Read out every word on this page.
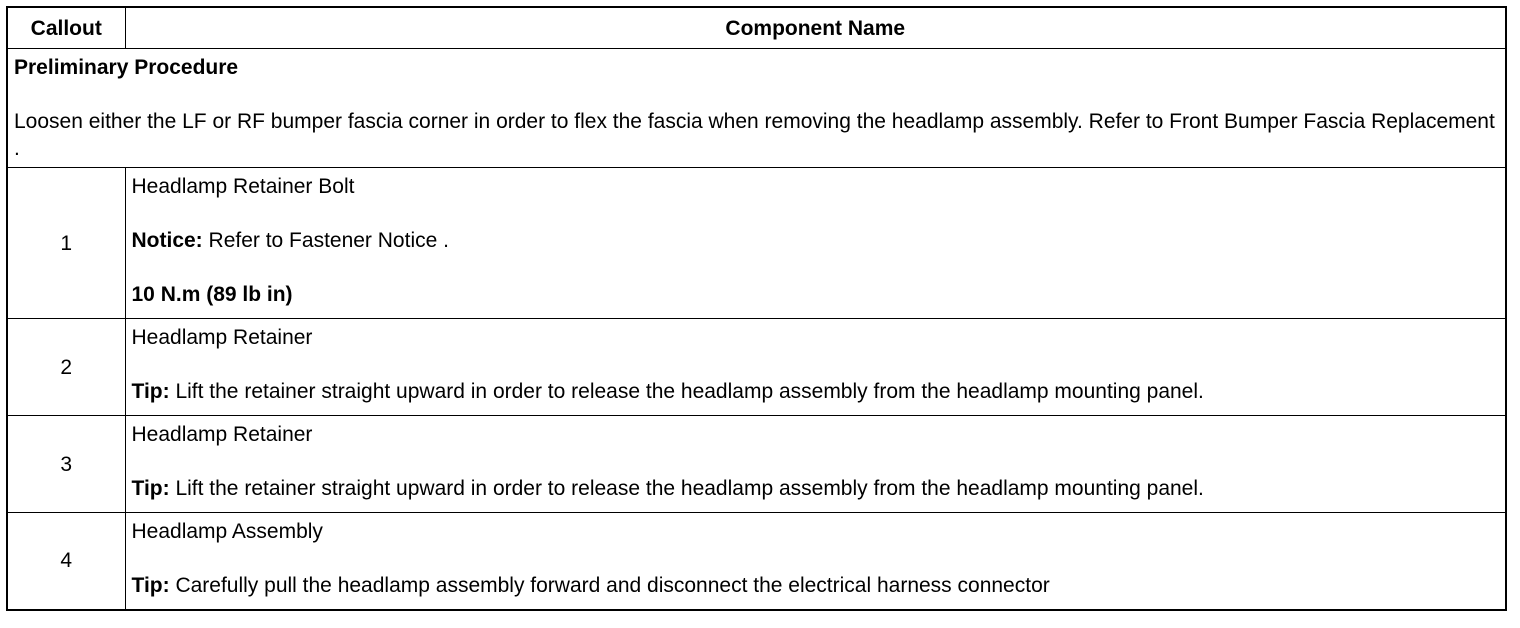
Callout	Component Name

Preliminary Procedure

Loosen either the LF or RF bumper fascia corner in order to flex the fascia when removing the headlamp assembly. Refer to Front Bumper Fascia Replacement .	

1	Headlamp Retainer Bolt

Notice: Refer to Fastener Notice .

10 N.m (89 lb in)

2	Headlamp Retainer

Tip: Lift the retainer straight upward in order to release the headlamp assembly from the headlamp mounting panel.

3	Headlamp Retainer

Tip: Lift the retainer straight upward in order to release the headlamp assembly from the headlamp mounting panel.

4	Headlamp Assembly

Tip: Carefully pull the headlamp assembly forward and disconnect the electrical harness connector
